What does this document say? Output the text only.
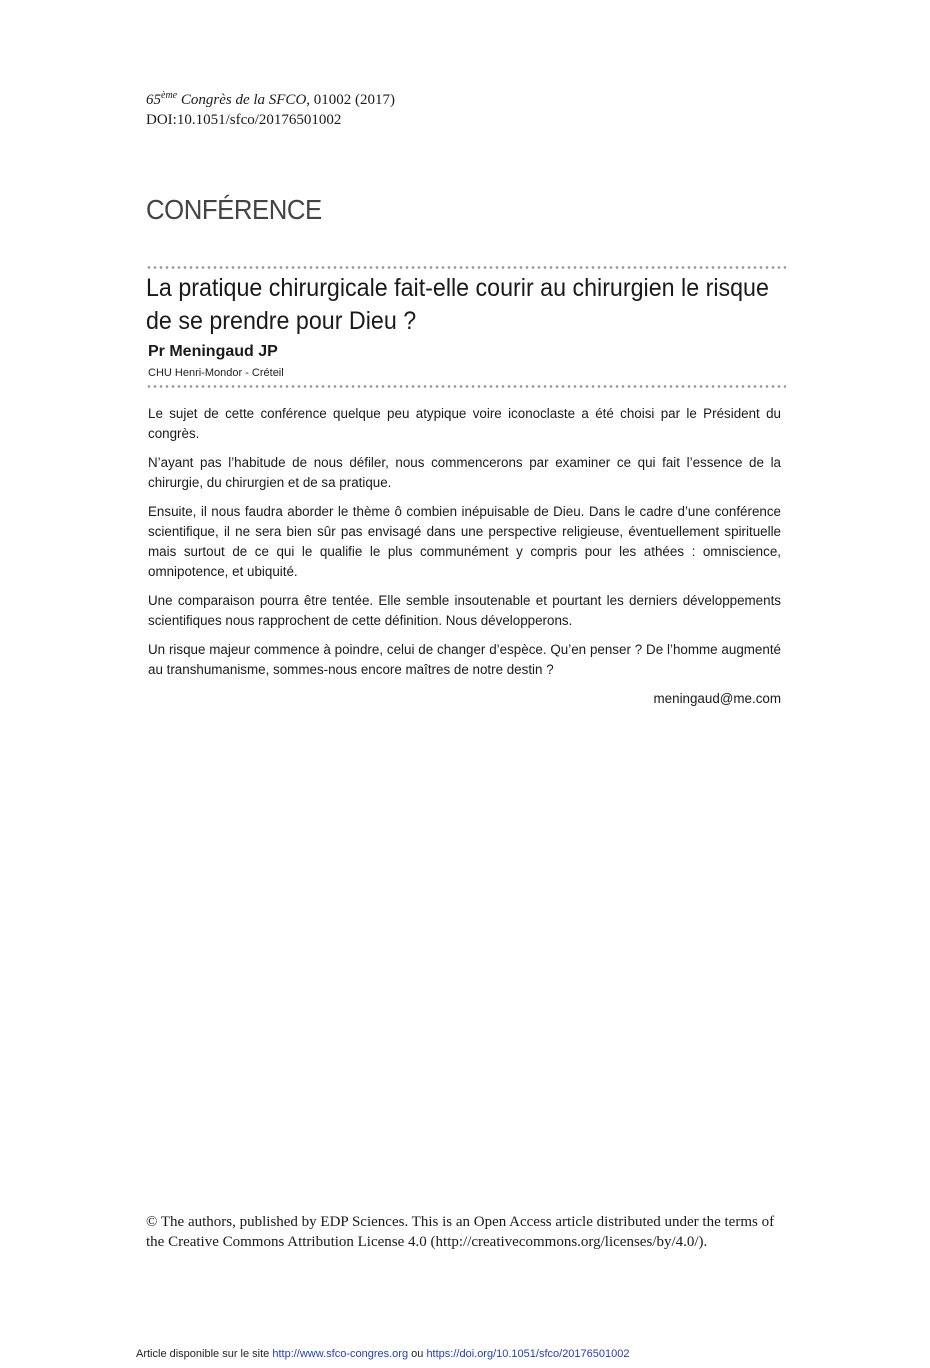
65ème Congrès de la SFCO, 01002 (2017)
DOI:10.1051/sfco/20176501002
CONFÉRENCE
La pratique chirurgicale fait-elle courir au chirurgien le risque de se prendre pour Dieu ?
Pr Meningaud JP
CHU Henri-Mondor - Créteil

Le sujet de cette conférence quelque peu atypique voire iconoclaste a été choisi par le Président du congrès.

N’ayant pas l’habitude de nous défiler, nous commencerons par examiner ce qui fait l’essence de la chirurgie, du chirurgien et de sa pratique.

Ensuite, il nous faudra aborder le thème ô combien inépuisable de Dieu. Dans le cadre d’une conférence scientifique, il ne sera bien sûr pas envisagé dans une perspective religieuse, éventuellement spirituelle mais surtout de ce qui le qualifie le plus communément y compris pour les athées : omniscience, omnipotence, et ubiquité.

Une comparaison pourra être tentée. Elle semble insoutenable et pourtant les derniers développements scientifiques nous rapprochent de cette définition. Nous développerons.

Un risque majeur commence à poindre, celui de changer d’espèce. Qu’en penser ? De l’homme augmenté au transhumanisme, sommes-nous encore maîtres de notre destin ?

meningaud@me.com
© The authors, published by EDP Sciences. This is an Open Access article distributed under the terms of the Creative Commons Attribution License 4.0 (http://creativecommons.org/licenses/by/4.0/).
Article disponible sur le site http://www.sfco-congres.org ou https://doi.org/10.1051/sfco/20176501002
